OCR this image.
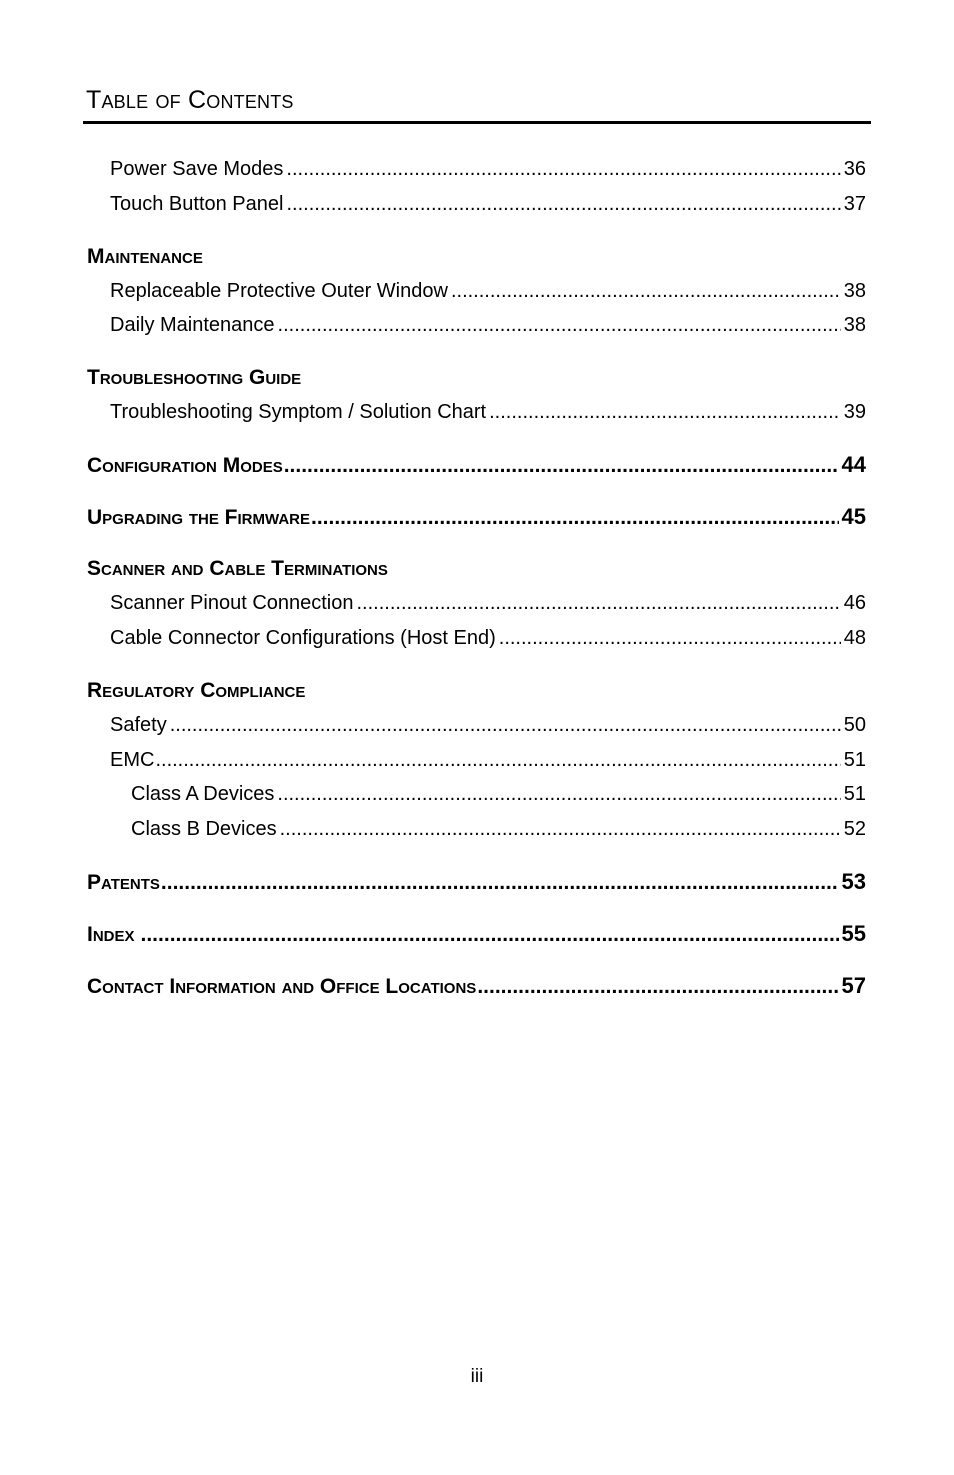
Table of Contents
Power Save Modes .....	36
Touch Button Panel .....	37
Maintenance
Replaceable Protective Outer Window .....	38
Daily Maintenance .....	38
Troubleshooting Guide
Troubleshooting Symptom / Solution Chart .....	39
Configuration Modes .....	44
Upgrading the Firmware .....	45
Scanner and Cable Terminations
Scanner Pinout Connection .....	46
Cable Connector Configurations (Host End) .....	48
Regulatory Compliance
Safety .....	50
EMC .....	51
Class A Devices .....	51
Class B Devices .....	52
Patents .....	53
Index .....	55
Contact Information and Office Locations .....	57
iii
